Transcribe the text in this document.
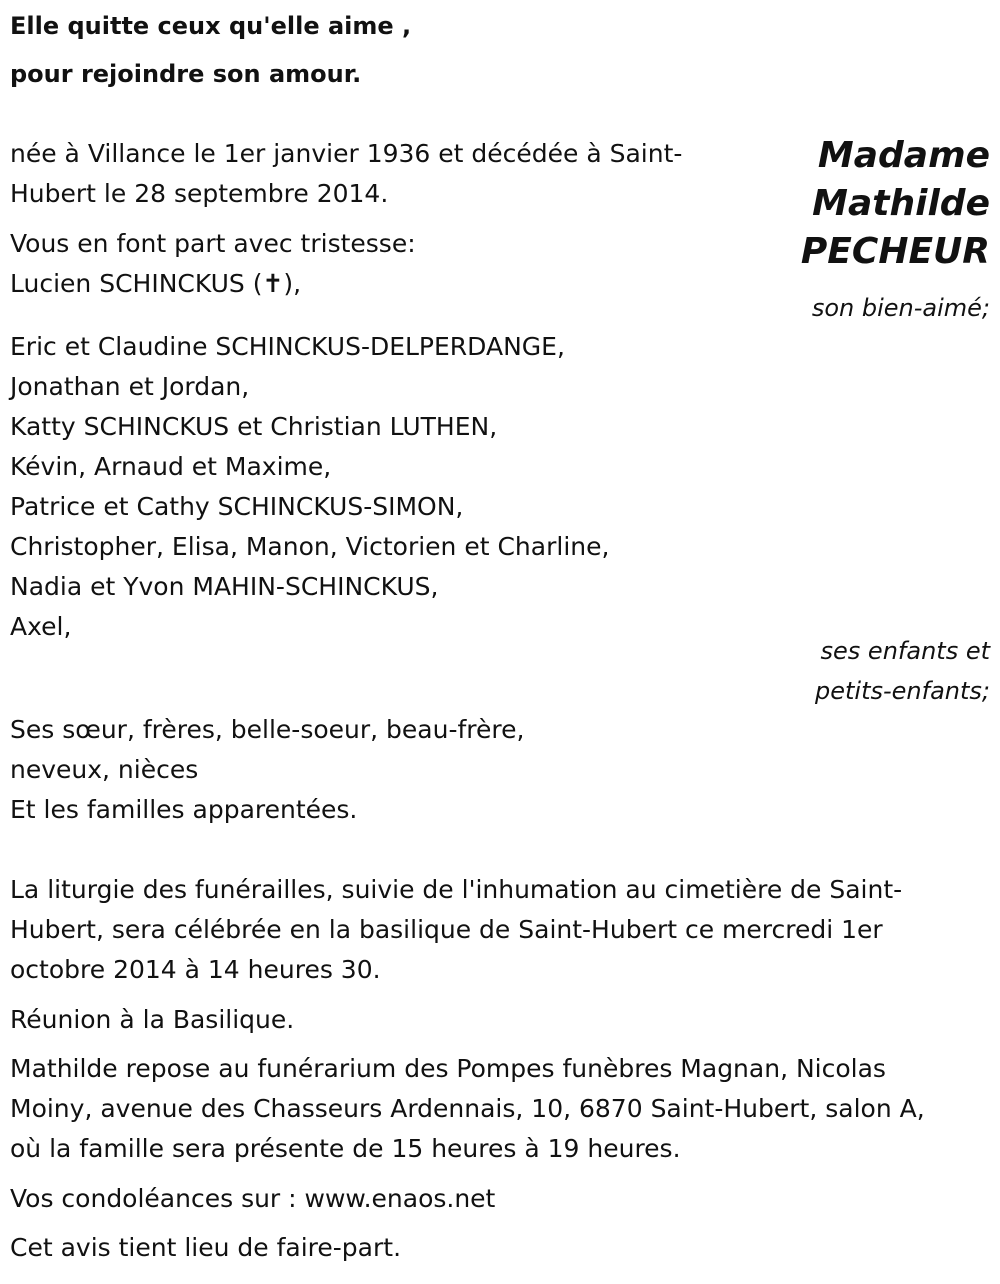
Elle quitte ceux qu'elle aime ,

pour rejoindre son amour.

Madame

Mathilde

PECHEUR

née à Villance le 1er janvier 1936 et décédée à Saint-

Hubert le 28 septembre 2014.

Vous en font part avec tristesse:

Lucien SCHINCKUS (✝),

son bien-aimé;

Eric et Claudine SCHINCKUS-DELPERDANGE,

Jonathan et Jordan,

Katty SCHINCKUS et Christian LUTHEN,

Kévin, Arnaud et Maxime,

Patrice et Cathy SCHINCKUS-SIMON,

Christopher, Elisa, Manon, Victorien et Charline,

Nadia et Yvon MAHIN-SCHINCKUS,

Axel,

ses enfants et

petits-enfants;

Ses sœur, frères, belle-soeur, beau-frère,

neveux, nièces

Et les familles apparentées.

La liturgie des funérailles, suivie de l'inhumation au cimetière de Saint-

Hubert, sera célébrée en la basilique de Saint-Hubert ce mercredi 1er

octobre 2014 à 14 heures 30.

Réunion à la Basilique.

Mathilde repose au funérarium des Pompes funèbres Magnan, Nicolas

Moiny, avenue des Chasseurs Ardennais, 10, 6870 Saint-Hubert, salon A,

où la famille sera présente de 15 heures à 19 heures.

Vos condoléances sur : www.enaos.net

Cet avis tient lieu de faire-part.
